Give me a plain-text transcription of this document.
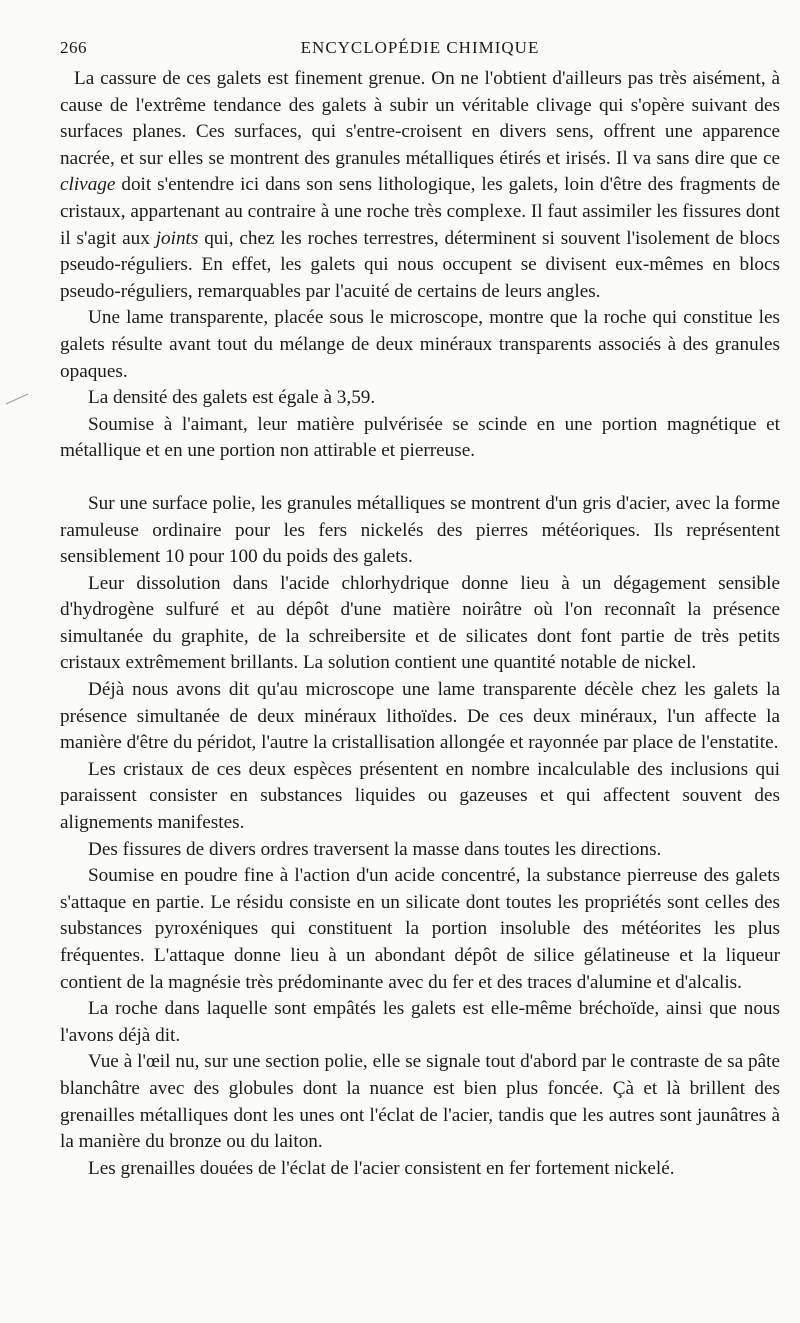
266	ENCYCLOPÉDIE CHIMIQUE

La cassure de ces galets est finement grenue. On ne l'obtient d'ailleurs pas très aisément, à cause de l'extrême tendance des galets à subir un véritable clivage qui s'opère suivant des surfaces planes. Ces surfaces, qui s'entre-croisent en divers sens, offrent une apparence nacrée, et sur elles se montrent des granules métalliques étirés et irisés. Il va sans dire que ce clivage doit s'entendre ici dans son sens lithologique, les galets, loin d'être des fragments de cristaux, appartenant au contraire à une roche très complexe. Il faut assimiler les fissures dont il s'agit aux joints qui, chez les roches terrestres, déterminent si souvent l'isolement de blocs pseudo-réguliers. En effet, les galets qui nous occupent se divisent eux-mêmes en blocs pseudo-réguliers, remarquables par l'acuité de certains de leurs angles.

Une lame transparente, placée sous le microscope, montre que la roche qui constitue les galets résulte avant tout du mélange de deux minéraux transparents associés à des granules opaques.

La densité des galets est égale à 3,59.

Soumise à l'aimant, leur matière pulvérisée se scinde en une portion magnétique et métallique et en une portion non attirable et pierreuse.

Sur une surface polie, les granules métalliques se montrent d'un gris d'acier, avec la forme ramuleuse ordinaire pour les fers nickelés des pierres météoriques. Ils représentent sensiblement 10 pour 100 du poids des galets.

Leur dissolution dans l'acide chlorhydrique donne lieu à un dégagement sensible d'hydrogène sulfuré et au dépôt d'une matière noirâtre où l'on reconnaît la présence simultanée du graphite, de la schreibersite et de silicates dont font partie de très petits cristaux extrêmement brillants. La solution contient une quantité notable de nickel.

Déjà nous avons dit qu'au microscope une lame transparente décèle chez les galets la présence simultanée de deux minéraux lithoïdes. De ces deux minéraux, l'un affecte la manière d'être du péridot, l'autre la cristallisation allongée et rayonnée par place de l'enstatite.

Les cristaux de ces deux espèces présentent en nombre incalculable des inclusions qui paraissent consister en substances liquides ou gazeuses et qui affectent souvent des alignements manifestes.

Des fissures de divers ordres traversent la masse dans toutes les directions.

Soumise en poudre fine à l'action d'un acide concentré, la substance pierreuse des galets s'attaque en partie. Le résidu consiste en un silicate dont toutes les propriétés sont celles des substances pyroxéniques qui constituent la portion insoluble des météorites les plus fréquentes. L'attaque donne lieu à un abondant dépôt de silice gélatineuse et la liqueur contient de la magnésie très prédominante avec du fer et des traces d'alumine et d'alcalis.

La roche dans laquelle sont empâtés les galets est elle-même bréchoïde, ainsi que nous l'avons déjà dit.

Vue à l'œil nu, sur une section polie, elle se signale tout d'abord par le contraste de sa pâte blanchâtre avec des globules dont la nuance est bien plus foncée. Çà et là brillent des grenailles métalliques dont les unes ont l'éclat de l'acier, tandis que les autres sont jaunâtres à la manière du bronze ou du laiton.

Les grenailles douées de l'éclat de l'acier consistent en fer fortement nickelé.
